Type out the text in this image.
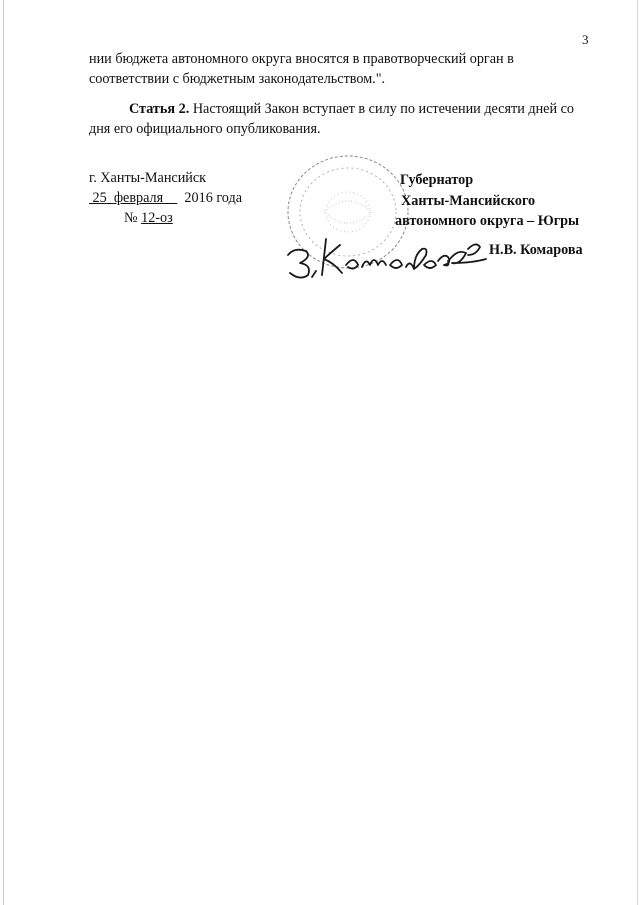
3
нии бюджета автономного округа вносятся в правотворческий орган в соответствии с бюджетным законодательством.".
Статья 2. Настоящий Закон вступает в силу по истечении десяти дней со дня его официального опубликования.
г. Ханты-Мансийск
25 февраля 2016 года
№ 12-оз
Губернатор
Ханты-Мансийского
автономного округа – Югры
Н.В. Комарова
